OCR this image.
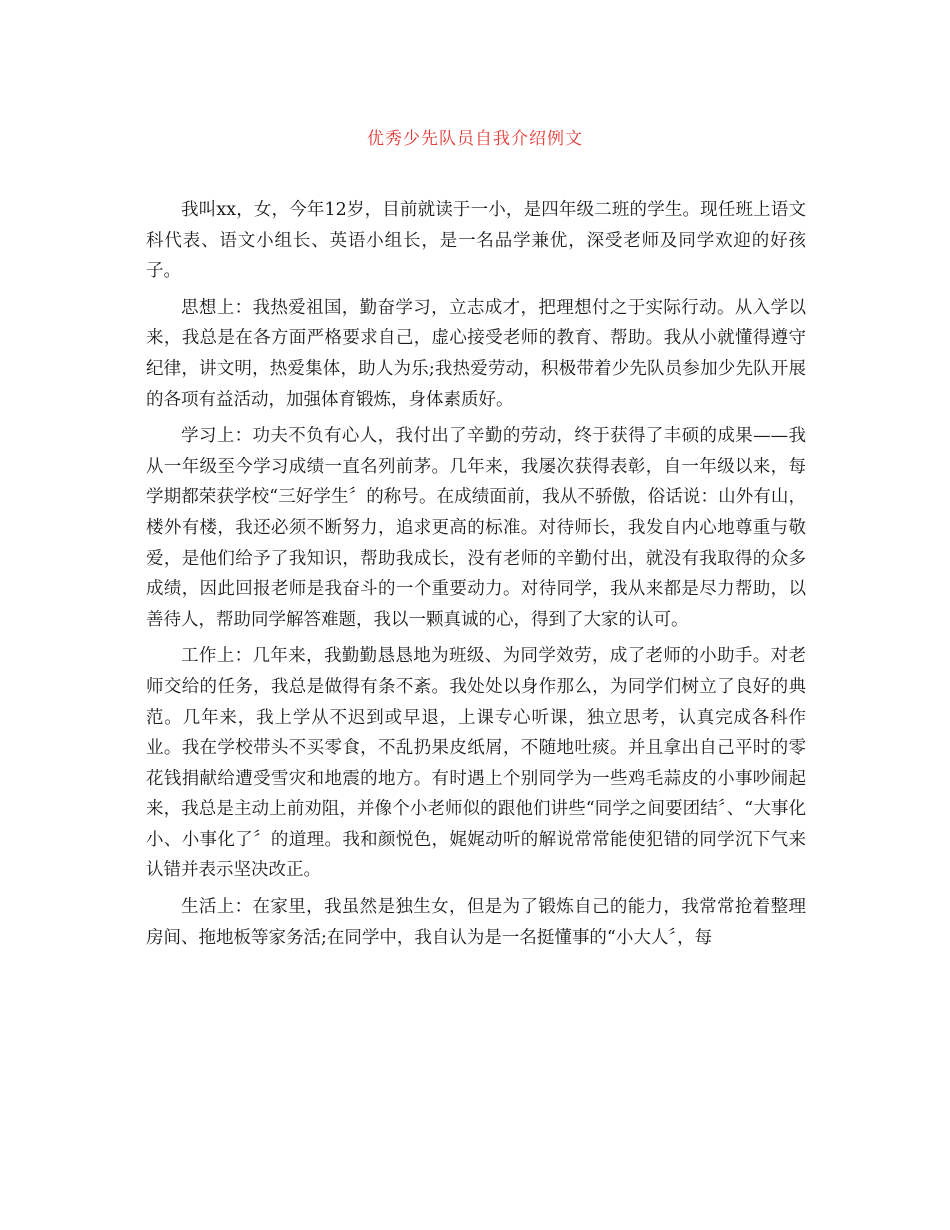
优秀少先队员自我介绍例文

我叫xx，女，今年12岁，目前就读于一小，是四年级二班的学生。现任班上语文科代表、语文小组长、英语小组长，是一名品学兼优，深受老师及同学欢迎的好孩子。

思想上：我热爱祖国，勤奋学习，立志成才，把理想付之于实际行动。从入学以来，我总是在各方面严格要求自己，虚心接受老师的教育、帮助。我从小就懂得遵守纪律，讲文明，热爱集体，助人为乐;我热爱劳动，积极带着少先队员参加少先队开展的各项有益活动，加强体育锻炼，身体素质好。

学习上：功夫不负有心人，我付出了辛勤的劳动，终于获得了丰硕的成果——我从一年级至今学习成绩一直名列前茅。几年来，我屡次获得表彰，自一年级以来，每学期都荣获学校“三好学生〞的称号。在成绩面前，我从不骄傲，俗话说：山外有山，楼外有楼，我还必须不断努力，追求更高的标准。对待师长，我发自内心地尊重与敬爱，是他们给予了我知识，帮助我成长，没有老师的辛勤付出，就没有我取得的众多成绩，因此回报老师是我奋斗的一个重要动力。对待同学，我从来都是尽力帮助，以善待人，帮助同学解答难题，我以一颗真诚的心，得到了大家的认可。

工作上：几年来，我勤勤恳恳地为班级、为同学效劳，成了老师的小助手。对老师交给的任务，我总是做得有条不紊。我处处以身作那么，为同学们树立了良好的典范。几年来，我上学从不迟到或早退，上课专心听课，独立思考，认真完成各科作业。我在学校带头不买零食，不乱扔果皮纸屑，不随地吐痰。并且拿出自己平时的零花钱捐献给遭受雪灾和地震的地方。有时遇上个别同学为一些鸡毛蒜皮的小事吵闹起来，我总是主动上前劝阻，并像个小老师似的跟他们讲些“同学之间要团结〞、“大事化小、小事化了〞的道理。我和颜悦色，娓娓动听的解说常常能使犯错的同学沉下气来认错并表示坚决改正。

生活上：在家里，我虽然是独生女，但是为了锻炼自己的能力，我常常抢着整理房间、拖地板等家务活;在同学中，我自认为是一名挺懂事的“小大人〞，每
